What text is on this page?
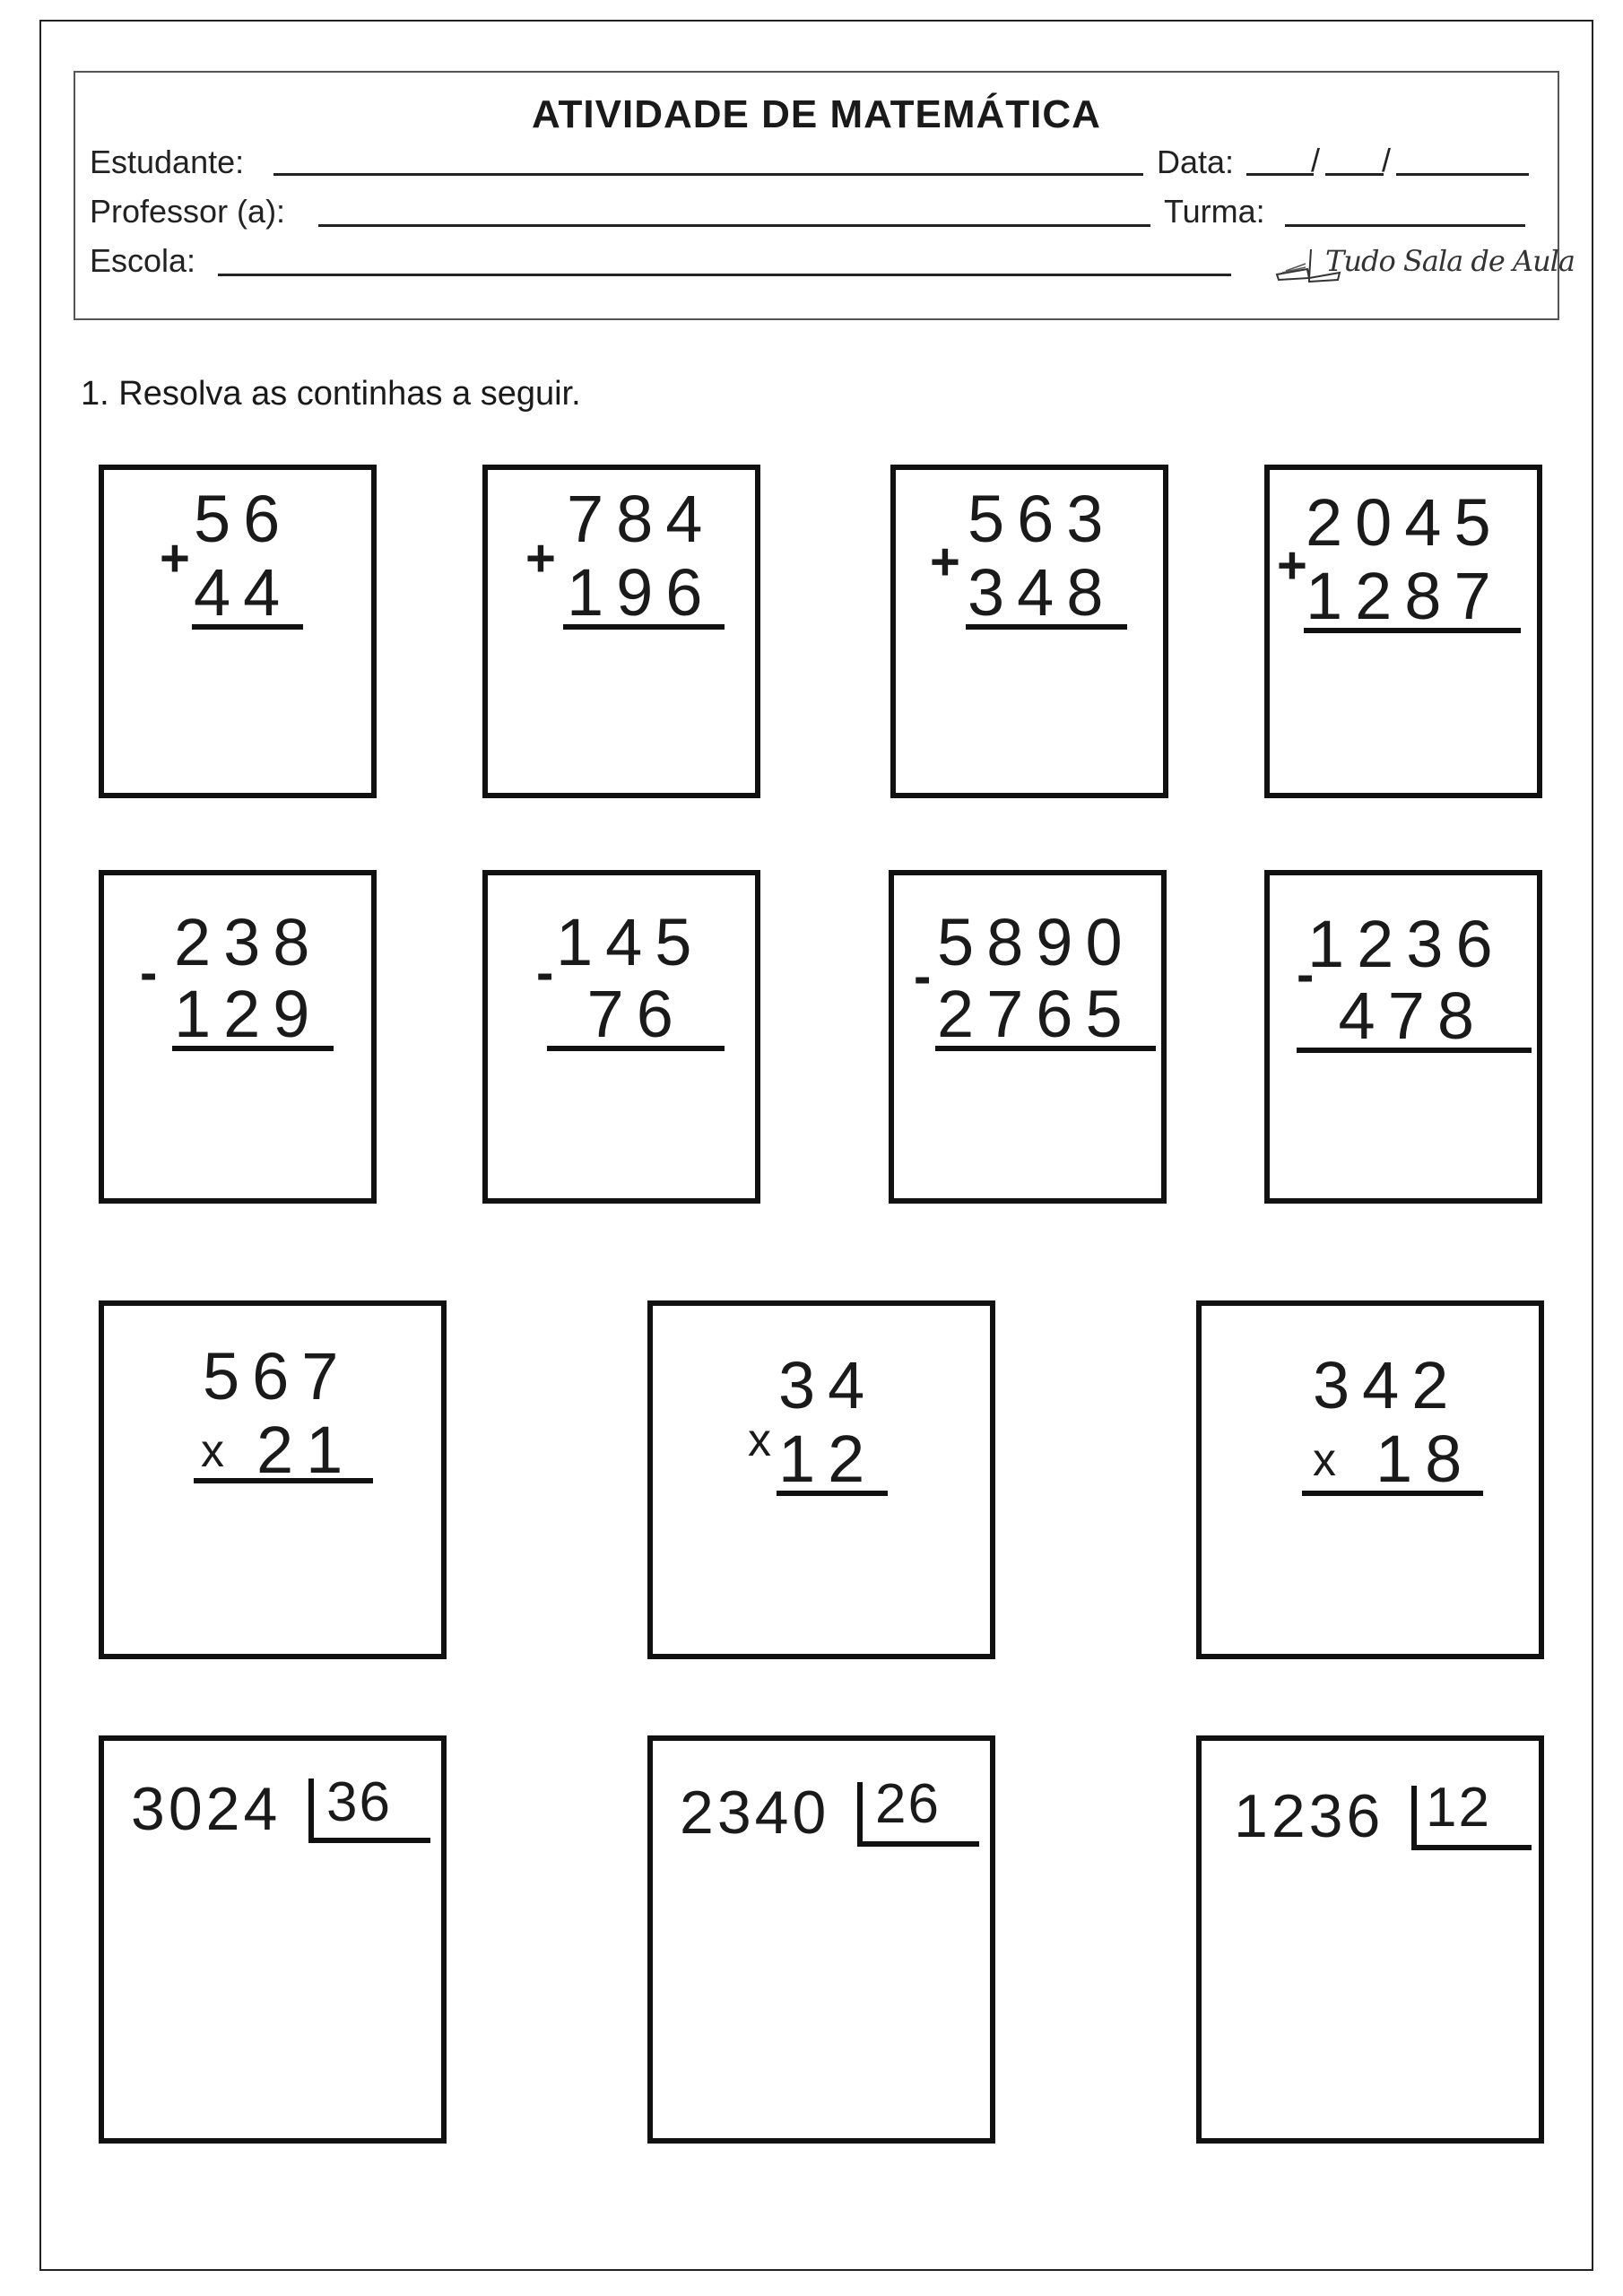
ATIVIDADE DE MATEMÁTICA
Estudante:	Data: / /
Professor (a):	Turma:
Escola:	Tudo Sala de Aula
1. Resolva as continhas a seguir.
56
+ 44
784
+ 196
563
+ 348
2045
+
1287
238
-
129
145
-
76
5890
-
2765
1236
-
478
567
x 21
34
x 12
342
x 18
3024 36	2340 26	1236 12
